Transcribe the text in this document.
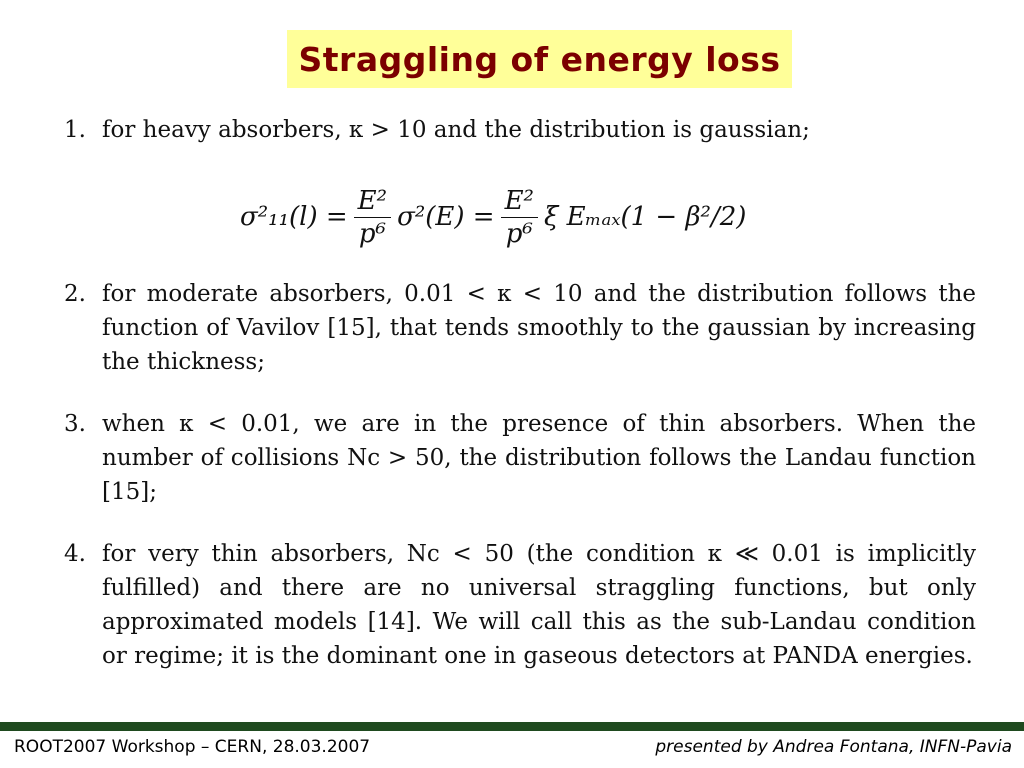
Straggling of energy loss
1. for heavy absorbers, κ > 10 and the distribution is gaussian;
2. for moderate absorbers, 0.01 < κ < 10 and the distribution follows the function of Vavilov [15], that tends smoothly to the gaussian by increasing the thickness;
3. when κ < 0.01, we are in the presence of thin absorbers. When the number of collisions Nc > 50, the distribution follows the Landau function [15];
4. for very thin absorbers, Nc < 50 (the condition κ ≪ 0.01 is implicitly fulfilled) and there are no universal straggling functions, but only approximated models [14]. We will call this as the sub-Landau condition or regime; it is the dominant one in gaseous detectors at PANDA energies.
$\sigma^2_{11}(l) = \frac{\text{E²}}{\text{p⁶}} \sigma^2(E) = \frac{\text{E²}}{\text{p⁶}}$ ξ Eₘₐₓ(1 − β²/2)
ROOT2007 Workshop – CERN, 28.03.2007	presented by Andrea Fontana, INFN-Pavia
